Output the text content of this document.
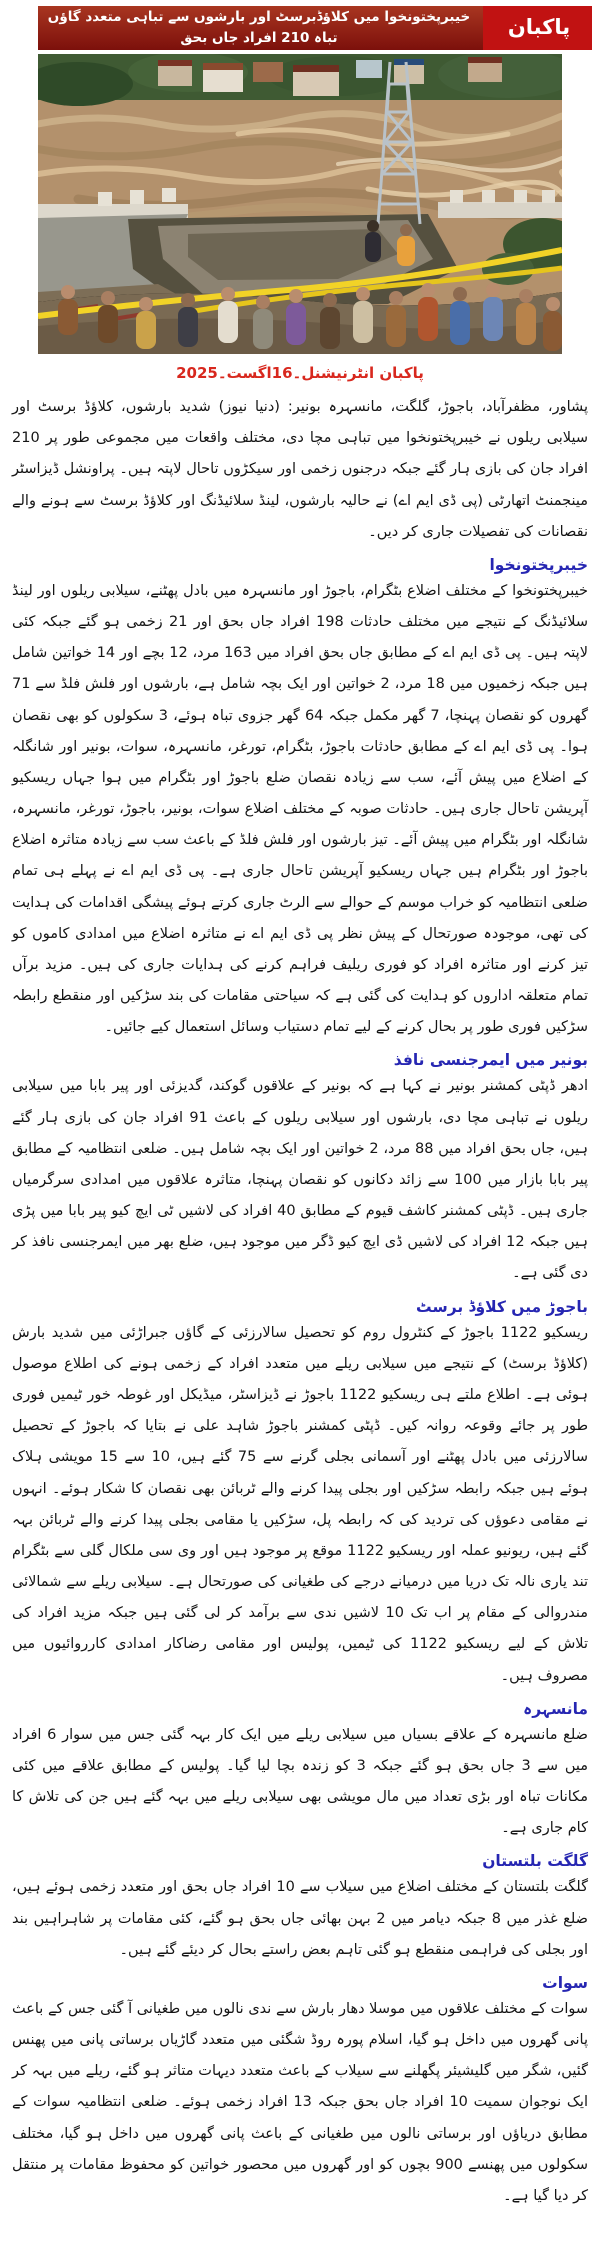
پاکبان
خیبرپختونخوا میں کلاؤڈبرسٹ اور بارشوں سے تباہی متعدد گاؤں تباہ 210 افراد جاں بحق
پاکبان انٹرنیشنل۔16اگست۔2025

پشاور، مظفرآباد، باجوڑ، گلگت، مانسہرہ بونیر: (دنیا نیوز) شدید بارشوں، کلاؤڈ برسٹ اور سیلابی ریلوں نے خیبرپختونخوا میں تباہی مچا دی، مختلف واقعات میں مجموعی طور پر 210 افراد جان کی بازی ہار گئے جبکہ درجنوں زخمی اور سیکڑوں تاحال لاپتہ ہیں۔ پراونشل ڈیزاسٹر مینجمنٹ اتھارٹی (پی ڈی ایم اے) نے حالیہ بارشوں، لینڈ سلائیڈنگ اور کلاؤڈ برسٹ سے ہونے والے نقصانات کی تفصیلات جاری کر دیں۔

خیبرپختونخوا

خیبرپختونخوا کے مختلف اضلاع بٹگرام، باجوڑ اور مانسہرہ میں بادل پھٹنے، سیلابی ریلوں اور لینڈ سلائیڈنگ کے نتیجے میں مختلف حادثات 198 افراد جاں بحق اور 21 زخمی ہو گئے جبکہ کئی لاپتہ ہیں۔ پی ڈی ایم اے کے مطابق جاں بحق افراد میں 163 مرد، 12 بچے اور 14 خواتین شامل ہیں جبکہ زخمیوں میں 18 مرد، 2 خواتین اور ایک بچہ شامل ہے، بارشوں اور فلش فلڈ سے 71 گھروں کو نقصان پہنچا، 7 گھر مکمل جبکہ 64 گھر جزوی تباہ ہوئے، 3 سکولوں کو بھی نقصان ہوا۔ پی ڈی ایم اے کے مطابق حادثات باجوڑ، بٹگرام، تورغر، مانسہرہ، سوات، بونیر اور شانگلہ کے اضلاع میں پیش آئے، سب سے زیادہ نقصان ضلع باجوڑ اور بٹگرام میں ہوا جہاں ریسکیو آپریشن تاحال جاری ہیں۔ حادثات صوبہ کے مختلف اضلاع سوات، بونیر، باجوڑ، تورغر، مانسہرہ، شانگلہ اور بٹگرام میں پیش آئے۔ تیز بارشوں اور فلش فلڈ کے باعث سب سے زیادہ متاثرہ اضلاع باجوڑ اور بٹگرام ہیں جہاں ریسکیو آپریشن تاحال جاری ہے۔ پی ڈی ایم اے نے پہلے ہی تمام ضلعی انتظامیہ کو خراب موسم کے حوالے سے الرٹ جاری کرتے ہوئے پیشگی اقدامات کی ہدایت کی تھی، موجودہ صورتحال کے پیش نظر پی ڈی ایم اے نے متاثرہ اضلاع میں امدادی کاموں کو تیز کرنے اور متاثرہ افراد کو فوری ریلیف فراہم کرنے کی ہدایات جاری کی ہیں۔ مزید برآں تمام متعلقہ اداروں کو ہدایت کی گئی ہے کہ سیاحتی مقامات کی بند سڑکیں اور منقطع رابطہ سڑکیں فوری طور پر بحال کرنے کے لیے تمام دستیاب وسائل استعمال کیے جائیں۔

بونیر میں ایمرجنسی نافذ

ادھر ڈپٹی کمشنر بونیر نے کہا ہے کہ بونیر کے علاقوں گوکند، گدیزئی اور پیر بابا میں سیلابی ریلوں نے تباہی مچا دی، بارشوں اور سیلابی ریلوں کے باعث 91 افراد جان کی بازی ہار گئے ہیں، جاں بحق افراد میں 88 مرد، 2 خواتین اور ایک بچہ شامل ہیں۔ ضلعی انتظامیہ کے مطابق پیر بابا بازار میں 100 سے زائد دکانوں کو نقصان پہنچا، متاثرہ علاقوں میں امدادی سرگرمیاں جاری ہیں۔ ڈپٹی کمشنر کاشف قیوم کے مطابق 40 افراد کی لاشیں ٹی ایچ کیو پیر بابا میں پڑی ہیں جبکہ 12 افراد کی لاشیں ڈی ایچ کیو ڈگر میں موجود ہیں، ضلع بھر میں ایمرجنسی نافذ کر دی گئی ہے۔

باجوڑ میں کلاؤڈ برسٹ

ریسکیو 1122 باجوڑ کے کنٹرول روم کو تحصیل سالارزئی کے گاؤں جبراڑئی میں شدید بارش (کلاؤڈ برسٹ) کے نتیجے میں سیلابی ریلے میں متعدد افراد کے زخمی ہونے کی اطلاع موصول ہوئی ہے۔ اطلاع ملتے ہی ریسکیو 1122 باجوڑ نے ڈیزاسٹر، میڈیکل اور غوطہ خور ٹیمیں فوری طور پر جائے وقوعہ روانہ کیں۔ ڈپٹی کمشنر باجوڑ شاہد علی نے بتایا کہ باجوڑ کے تحصیل سالارزئی میں بادل پھٹنے اور آسمانی بجلی گرنے سے 75 گئے ہیں، 10 سے 15 مویشی ہلاک ہوئے ہیں جبکہ رابطہ سڑکیں اور بجلی پیدا کرنے والے ٹربائن بھی نقصان کا شکار ہوئے۔ انہوں نے مقامی دعوؤں کی تردید کی کہ رابطہ پل، سڑکیں یا مقامی بجلی پیدا کرنے والے ٹربائن بہہ گئے ہیں، ریونیو عملہ اور ریسکیو 1122 موقع پر موجود ہیں اور وی سی ملکال گلی سے بٹگرام تند یاری نالہ تک دریا میں درمیانے درجے کی طغیانی کی صورتحال ہے۔ سیلابی ریلے سے شمالائی مندروالی کے مقام پر اب تک 10 لاشیں ندی سے برآمد کر لی گئی ہیں جبکہ مزید افراد کی تلاش کے لیے ریسکیو 1122 کی ٹیمیں، پولیس اور مقامی رضاکار امدادی کارروائیوں میں مصروف ہیں۔

مانسہرہ

ضلع مانسہرہ کے علاقے بسیاں میں سیلابی ریلے میں ایک کار بہہ گئی جس میں سوار 6 افراد میں سے 3 جاں بحق ہو گئے جبکہ 3 کو زندہ بچا لیا گیا۔ پولیس کے مطابق علاقے میں کئی مکانات تباہ اور بڑی تعداد میں مال مویشی بھی سیلابی ریلے میں بہہ گئے ہیں جن کی تلاش کا کام جاری ہے۔

گلگت بلتستان

گلگت بلتستان کے مختلف اضلاع میں سیلاب سے 10 افراد جاں بحق اور متعدد زخمی ہوئے ہیں، ضلع غذر میں 8 جبکہ دیامر میں 2 بہن بھائی جاں بحق ہو گئے، کئی مقامات پر شاہراہیں بند اور بجلی کی فراہمی منقطع ہو گئی تاہم بعض راستے بحال کر دیئے گئے ہیں۔

سوات

سوات کے مختلف علاقوں میں موسلا دھار بارش سے ندی نالوں میں طغیانی آ گئی جس کے باعث پانی گھروں میں داخل ہو گیا، اسلام پورہ روڈ شگئی میں متعدد گاڑیاں برساتی پانی میں پھنس گئیں، شگر میں گلیشیئر پگھلنے سے سیلاب کے باعث متعدد دیہات متاثر ہو گئے، ریلے میں بہہ کر ایک نوجوان سمیت 10 افراد جاں بحق جبکہ 13 افراد زخمی ہوئے۔ ضلعی انتظامیہ سوات کے مطابق دریاؤں اور برساتی نالوں میں طغیانی کے باعث پانی گھروں میں داخل ہو گیا، مختلف سکولوں میں پھنسے 900 بچوں کو اور گھروں میں محصور خواتین کو محفوظ مقامات پر منتقل کر دیا گیا ہے۔
